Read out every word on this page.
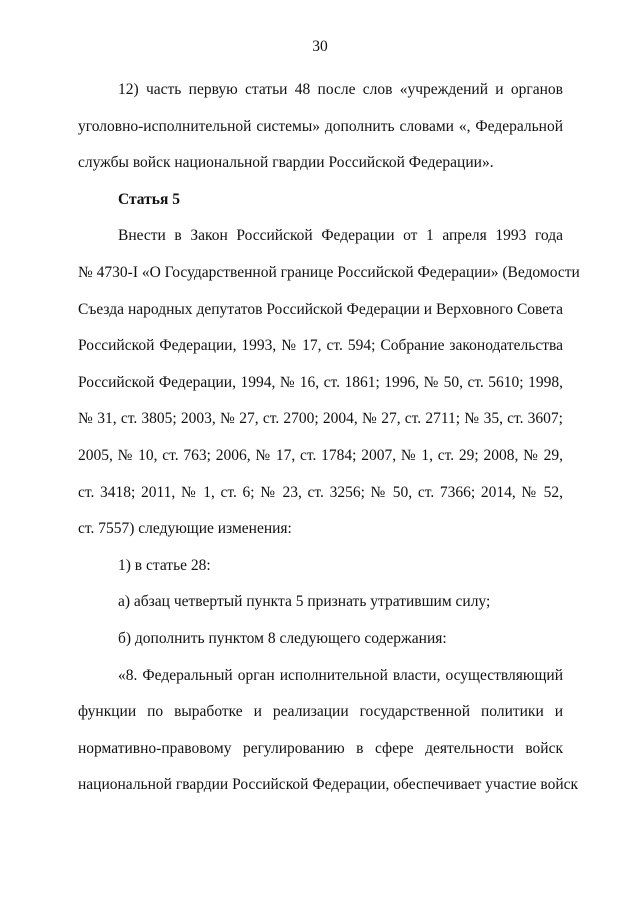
30
12) часть первую статьи 48 после слов «учреждений и органов
уголовно-исполнительной системы» дополнить словами «, Федеральной
службы войск национальной гвардии Российской Федерации».
Статья 5
Внести в Закон Российской Федерации от 1 апреля 1993 года
№ 4730-I «О Государственной границе Российской Федерации» (Ведомости
Съезда народных депутатов Российской Федерации и Верховного Совета
Российской Федерации, 1993, № 17, ст. 594; Собрание законодательства
Российской Федерации, 1994, № 16, ст. 1861; 1996, № 50, ст. 5610; 1998,
№ 31, ст. 3805; 2003, № 27, ст. 2700; 2004, № 27, ст. 2711; № 35, ст. 3607;
2005, № 10, ст. 763; 2006, № 17, ст. 1784; 2007, № 1, ст. 29; 2008, № 29,
ст. 3418; 2011, № 1, ст. 6; № 23, ст. 3256; № 50, ст. 7366; 2014, № 52,
ст. 7557) следующие изменения:
1) в статье 28:
а) абзац четвертый пункта 5 признать утратившим силу;
б) дополнить пунктом 8 следующего содержания:
«8. Федеральный орган исполнительной власти, осуществляющий
функции по выработке и реализации государственной политики и
нормативно-правовому регулированию в сфере деятельности войск
национальной гвардии Российской Федерации, обеспечивает участие войск
